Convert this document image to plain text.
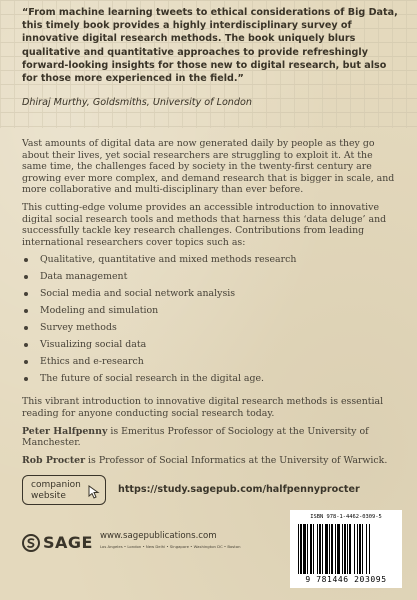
“From machine learning tweets to ethical considerations of Big Data, this timely book provides a highly interdisciplinary survey of innovative digital research methods. The book uniquely blurs qualitative and quantitative approaches to provide refreshingly forward-looking insights for those new to digital research, but also for those more experienced in the field.”
Dhiraj Murthy, Goldsmiths, University of London

Vast amounts of digital data are now generated daily by people as they go about their lives, yet social researchers are struggling to exploit it. At the same time, the challenges faced by society in the twenty-first century are growing ever more complex, and demand research that is bigger in scale, and more collaborative and multi-disciplinary than ever before.

This cutting-edge volume provides an accessible introduction to innovative digital social research tools and methods that harness this ‘data deluge’ and successfully tackle key research challenges. Contributions from leading international researchers cover topics such as:

Qualitative, quantitative and mixed methods research
Data management
Social media and social network analysis
Modeling and simulation
Survey methods
Visualizing social data
Ethics and e-research
The future of social research in the digital age.

This vibrant introduction to innovative digital research methods is essential reading for anyone conducting social research today.

Peter Halfpenny is Emeritus Professor of Sociology at the University of Manchester.

Rob Procter is Professor of Social Informatics at the University of Warwick.

companion
website
https://study.sagepub.com/halfpennyprocter
SAGE www.sagepublications.com
Los Angeles • London • New Delhi • Singapore • Washington DC • Boston
ISBN 978-1-4462-0309-5
9 781446 203095
